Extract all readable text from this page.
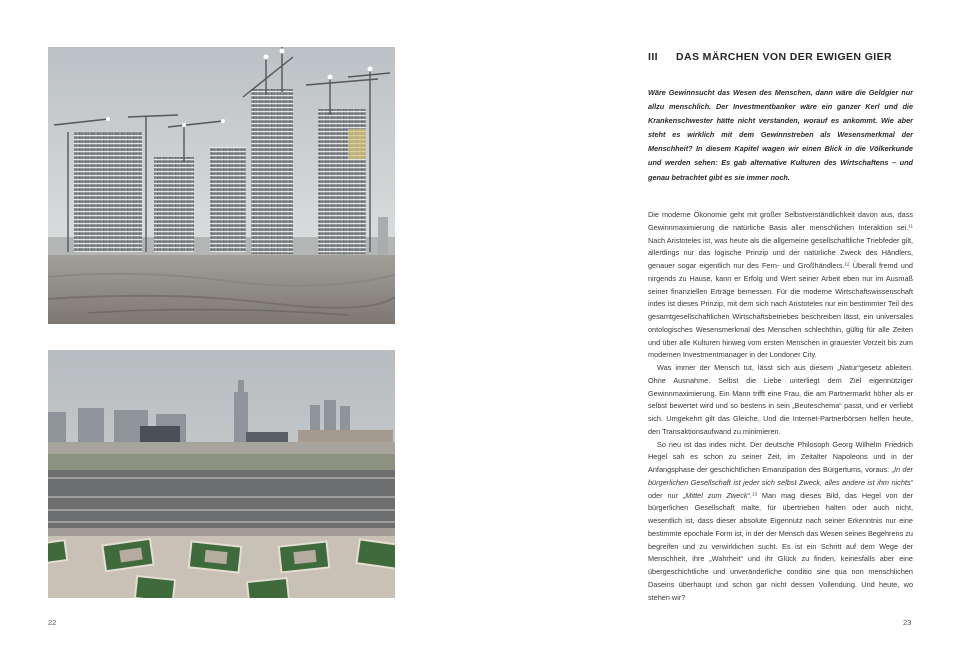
22	23
III DAS MÄRCHEN VON DER EWIGEN GIER

Wäre Gewinnsucht das Wesen des Menschen, dann wäre die Geldgier nur allzu menschlich. Der Investmentbanker wäre ein ganzer Kerl und die Krankenschwester hätte nicht verstanden, worauf es ankommt. Wie aber steht es wirklich mit dem Gewinnstreben als Wesensmerkmal der Menschheit? In diesem Kapitel wagen wir einen Blick in die Völkerkunde und werden sehen: Es gab alternative Kulturen des Wirtschaftens – und genau betrachtet gibt es sie immer noch.

Die moderne Ökonomie geht mit großer Selbstverständlichkeit davon aus, dass Gewinnmaximierung die natürliche Basis aller menschlichen Interaktion sei.$^{11}$ Nach Aristoteles ist, was heute als die allgemeine gesellschaftliche Triebfeder gilt, allerdings nur das logische Prinzip und der natürliche Zweck des Händlers, genauer sogar eigentlich nur des Fern- und Großhändlers.$^{12}$ Überall fremd und nirgends zu Hause, kann er Erfolg und Wert seiner Arbeit eben nur im Ausmaß seiner finanziellen Erträge bemessen. Für die moderne Wirtschaftswissenschaft indes ist dieses Prinzip, mit dem sich nach Aristoteles nur ein bestimmter Teil des gesamtgesellschaftlichen Wirtschaftsbetriebes beschreiben lässt, ein universales ontologisches Wesensmerkmal des Menschen schlechthin, gültig für alle Zeiten und über alle Kulturen hinweg vom ersten Menschen in grauester Vorzeit bis zum modernen Investmentmanager in der Londoner City.

Was immer der Mensch tut, lässt sich aus diesem „Natur“gesetz ableiten. Ohne Ausnahme. Selbst die Liebe unterliegt dem Ziel eigennütziger Gewinnmaximierung. Ein Mann trifft eine Frau, die am Partnermarkt höher als er selbst bewertet wird und so bestens in sein „Beuteschema“ passt, und er verliebt sich. Umgekehrt gilt das Gleiche. Und die Internet-Partnerbörsen helfen heute, den Transaktionsaufwand zu minimieren.

So neu ist das indes nicht. Der deutsche Philosoph Georg Wilhelm Friedrich Hegel sah es schon zu seiner Zeit, im Zeitalter Napoleons und in der Anfangsphase der geschichtlichen Emanzipation des Bürgertums, voraus: „In der bürgerlichen Gesellschaft ist jeder sich selbst Zweck, alles andere ist ihm nichts“ oder nur „Mittel zum Zweck“.$^{13}$ Man mag dieses Bild, das Hegel von der bürgerlichen Gesellschaft malte, für übertrieben halten oder auch nicht, wesentlich ist, dass dieser absolute Eigennutz nach seiner Erkenntnis nur eine bestimmte epochale Form ist, in der der Mensch das Wesen seines Begehrens zu begreifen und zu verwirklichen sucht. Es ist ein Schritt auf dem Wege der Menschheit, ihre „Wahrheit“ und ihr Glück zu finden, keinesfalls aber eine übergeschichtliche und unveränderliche conditio sine qua non menschlichen Daseins überhaupt und schon gar nicht dessen Vollendung. Und heute, wo stehen wir?
